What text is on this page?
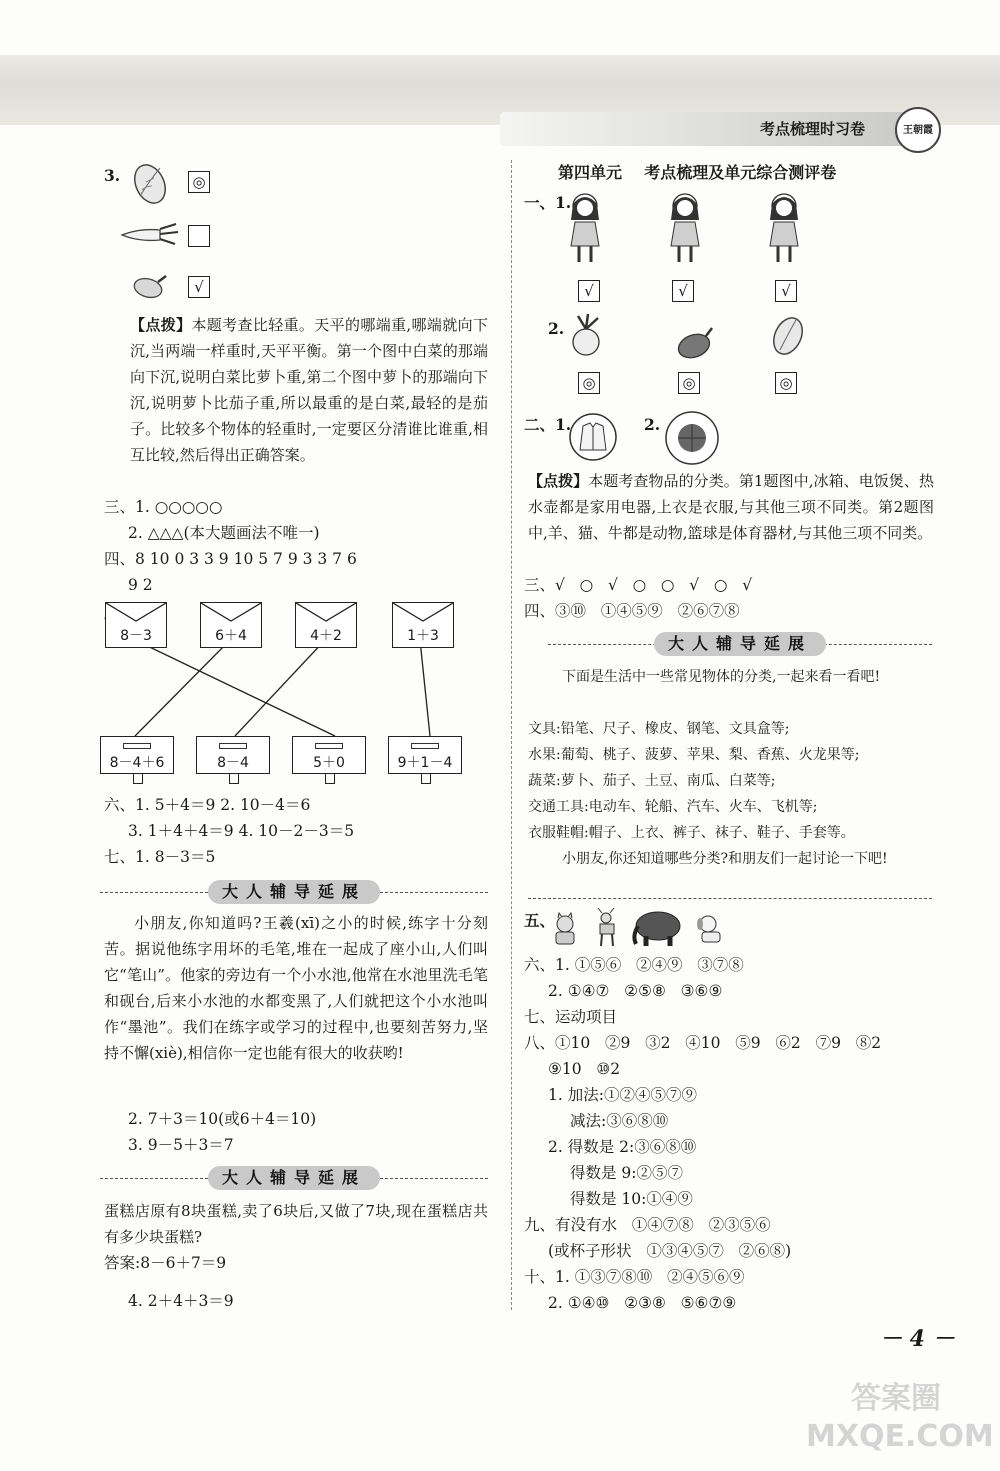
考点梳理时习卷	王朝霞
3.	◎
√
【点拨】本题考查比轻重。天平的哪端重,哪端就向下沉,当两端一样重时,天平平衡。第一个图中白菜的那端向下沉,说明白菜比萝卜重,第二个图中萝卜的那端向下沉,说明萝卜比茄子重,所以最重的是白菜,最轻的是茄子。比较多个物体的轻重时,一定要区分清谁比谁重,相互比较,然后得出正确答案。
三、1. ○○○○○
2. △△△(本大题画法不唯一)
四、8 10 0 3 3 9 10 5 7 9 3 3 7 6
9 2
8－3	6＋4	4＋2	1＋3
8－4＋6	8－4	5＋0	9＋1－4
六、1. 5＋4＝9 2. 10－4＝6
3. 1＋4＋4＝9 4. 10－2－3＝5
七、1. 8－3＝5
大人辅导延展
小朋友,你知道吗?王羲(xī)之小的时候,练字十分刻苦。据说他练字用坏的毛笔,堆在一起成了座小山,人们叫它“笔山”。他家的旁边有一个小水池,他常在水池里洗毛笔和砚台,后来小水池的水都变黑了,人们就把这个小水池叫作“墨池”。我们在练字或学习的过程中,也要刻苦努力,坚持不懈(xiè),相信你一定也能有很大的收获哟!
2. 7＋3＝10(或6＋4＝10)
3. 9－5＋3＝7
大人辅导延展
蛋糕店原有8块蛋糕,卖了6块后,又做了7块,现在蛋糕店共有多少块蛋糕?
答案:8－6＋7＝9
4. 2＋4＋3＝9
第四单元    考点梳理及单元综合测评卷
一、1.
√	√	√
2.
◎	◎	◎
二、1.	2.
【点拨】本题考查物品的分类。第1题图中,冰箱、电饭煲、热水壶都是家用电器,上衣是衣服,与其他三项不同类。第2题图中,羊、猫、牛都是动物,篮球是体育器材,与其他三项不同类。
三、√   ○   √   ○   ○   √   ○   √
四、③⑩   ①④⑤⑨   ②⑥⑦⑧
大人辅导延展
下面是生活中一些常见物体的分类,一起来看一看吧!
文具:铅笔、尺子、橡皮、钢笔、文具盒等;
水果:葡萄、桃子、菠萝、苹果、梨、香蕉、火龙果等;
蔬菜:萝卜、茄子、土豆、南瓜、白菜等;
交通工具:电动车、轮船、汽车、火车、飞机等;
衣服鞋帽:帽子、上衣、裤子、袜子、鞋子、手套等。
小朋友,你还知道哪些分类?和朋友们一起讨论一下吧!
五、
六、1. ①⑤⑥   ②④⑨   ③⑦⑧
2. ①④⑦   ②⑤⑧   ③⑥⑨
七、运动项目
八、①10   ②9   ③2   ④10   ⑤9   ⑥2   ⑦9   ⑧2
⑨10   ⑩2
1. 加法:①②④⑤⑦⑨
减法:③⑥⑧⑩
2. 得数是 2:③⑥⑧⑩
得数是 9:②⑤⑦
得数是 10:①④⑨
九、有没有水   ①④⑦⑧   ②③⑤⑥
(或杯子形状   ①③④⑤⑦   ②⑥⑧)
十、1. ①③⑦⑧⑩   ②④⑤⑥⑨
2. ①④⑩   ②③⑧   ⑤⑥⑦⑨
－ 4 －
答案圈 MXQE.COM
